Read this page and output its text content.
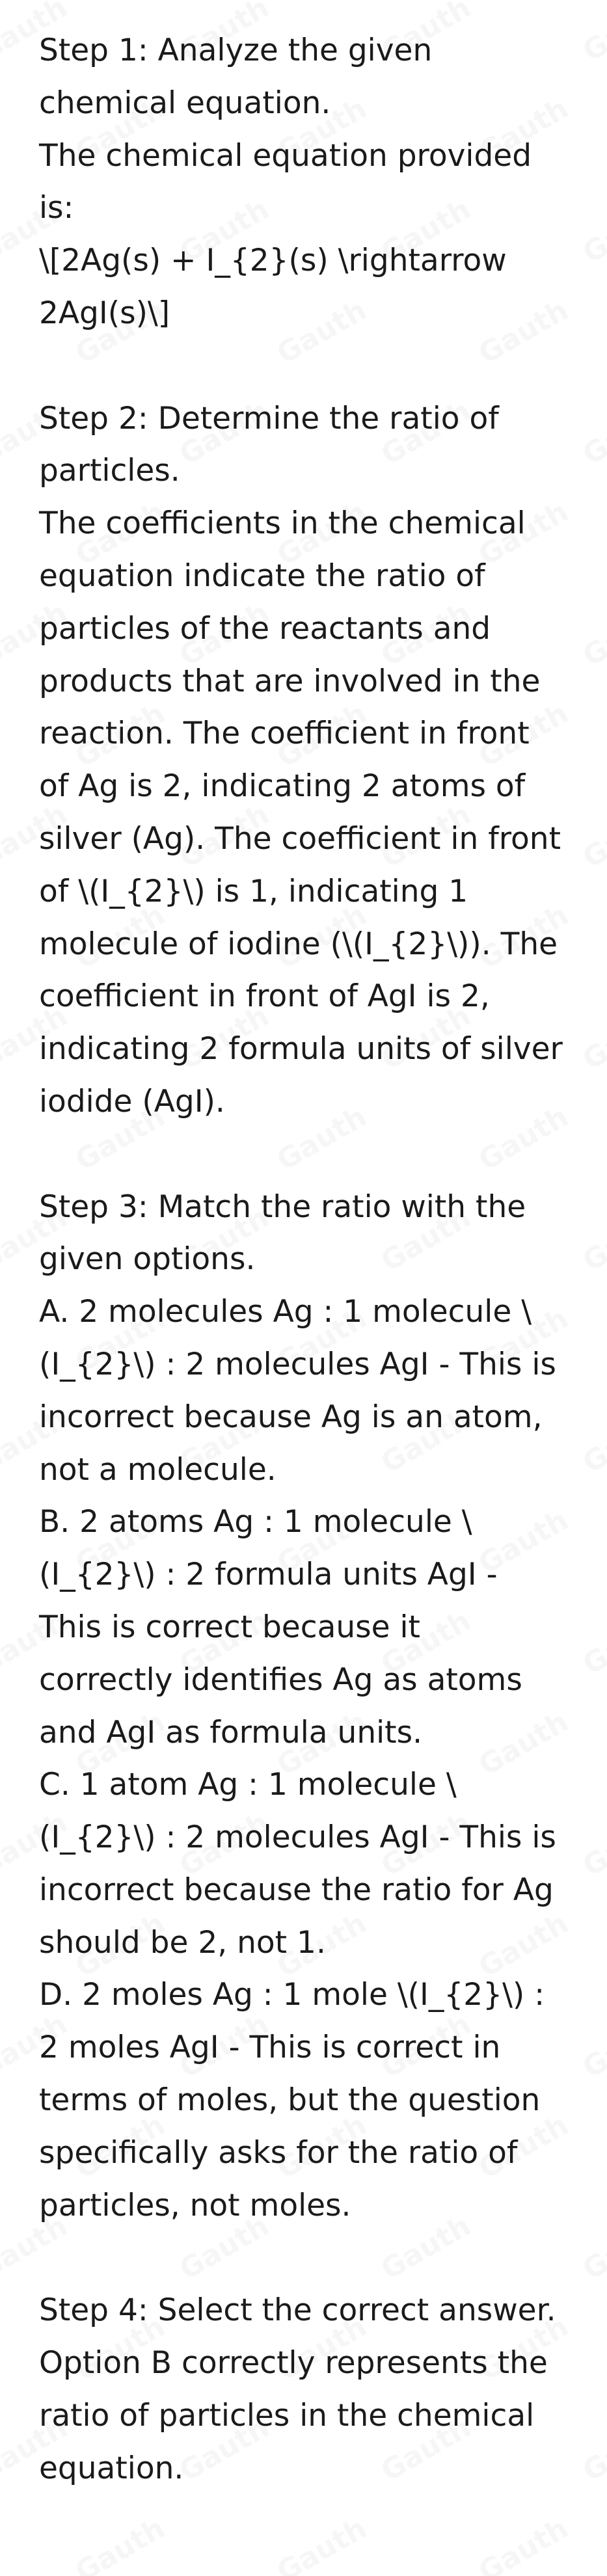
Step 1: Analyze the given

chemical equation.

The chemical equation provided

is:

\[2Ag(s) + I_{2}(s) \rightarrow

2AgI(s)\]

Step 2: Determine the ratio of

particles.

The coefficients in the chemical

equation indicate the ratio of

particles of the reactants and

products that are involved in the

reaction. The coefficient in front

of Ag is 2, indicating 2 atoms of

silver (Ag). The coefficient in front

of \(I_{2}\) is 1, indicating 1

molecule of iodine (\(I_{2}\)). The

coefficient in front of AgI is 2,

indicating 2 formula units of silver

iodide (AgI).

Step 3: Match the ratio with the

given options.

A. 2 molecules Ag : 1 molecule \

(I_{2}\) : 2 molecules AgI - This is

incorrect because Ag is an atom,

not a molecule.

B. 2 atoms Ag : 1 molecule \

(I_{2}\) : 2 formula units AgI -

This is correct because it

correctly identifies Ag as atoms

and AgI as formula units.

C. 1 atom Ag : 1 molecule \

(I_{2}\) : 2 molecules AgI - This is

incorrect because the ratio for Ag

should be 2, not 1.

D. 2 moles Ag : 1 mole \(I_{2}\) :

2 moles AgI - This is correct in

terms of moles, but the question

specifically asks for the ratio of

particles, not moles.

Step 4: Select the correct answer.

Option B correctly represents the

ratio of particles in the chemical

equation.
